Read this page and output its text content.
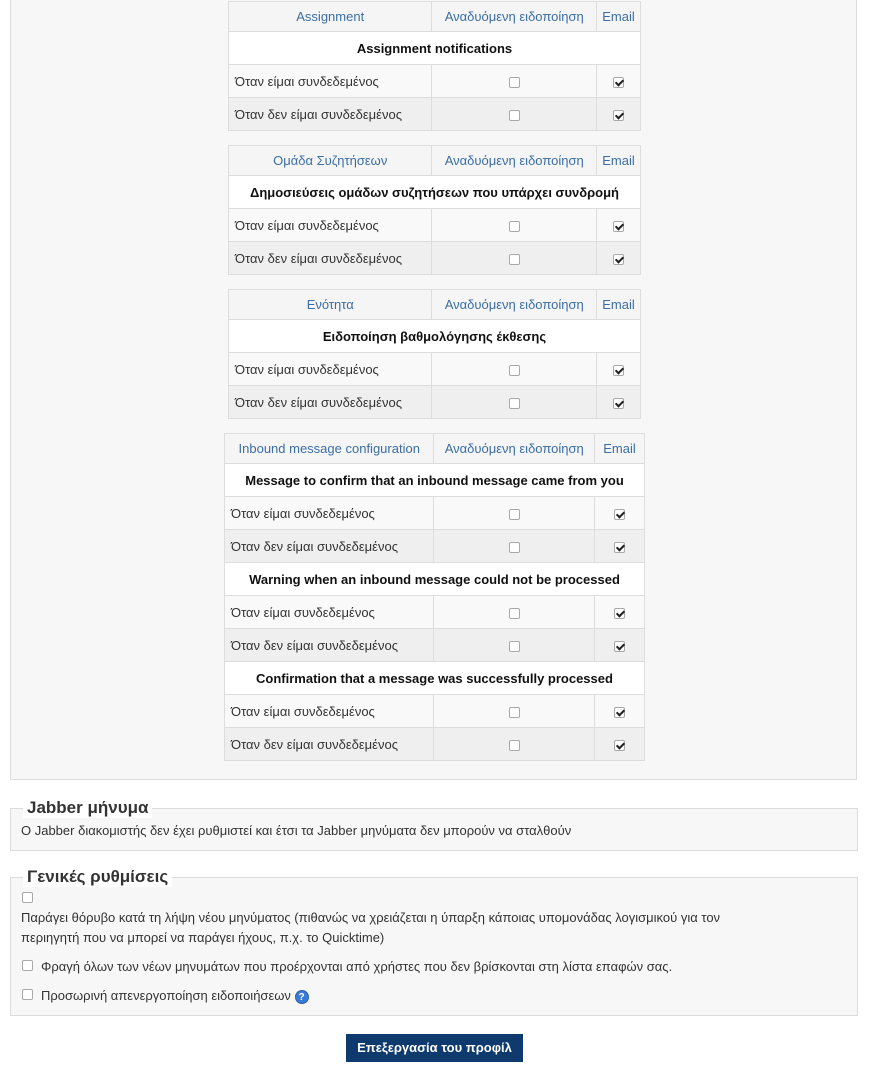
Assignment	Αναδυόμενη ειδοποίηση	Email
Assignment notifications		
Όταν είμαι συνδεδεμένος		
Όταν δεν είμαι συνδεδεμένος		
Ομάδα Συζητήσεων	Αναδυόμενη ειδοποίηση	Email
Δημοσιεύσεις ομάδων συζητήσεων που υπάρχει συνδρομή		
Όταν είμαι συνδεδεμένος		
Όταν δεν είμαι συνδεδεμένος		
Ενότητα	Αναδυόμενη ειδοποίηση	Email
Ειδοποίηση βαθμολόγησης έκθεσης		
Όταν είμαι συνδεδεμένος		
Όταν δεν είμαι συνδεδεμένος		
Inbound message configuration	Αναδυόμενη ειδοποίηση	Email
Message to confirm that an inbound message came from you		
Όταν είμαι συνδεδεμένος		
Όταν δεν είμαι συνδεδεμένος		
Warning when an inbound message could not be processed		
Όταν είμαι συνδεδεμένος		
Όταν δεν είμαι συνδεδεμένος		
Confirmation that a message was successfully processed		
Όταν είμαι συνδεδεμένος		
Όταν δεν είμαι συνδεδεμένος		
Jabber μήνυμα
Ο Jabber διακομιστής δεν έχει ρυθμιστεί και έτσι τα Jabber μηνύματα δεν μπορούν να σταλθούν
Γενικές ρυθμίσεις
Παράγει θόρυβο κατά τη λήψη νέου μηνύματος (πιθανώς να χρειάζεται η ύπαρξη κάποιας υπομονάδας λογισμικού για τον
περιηγητή που να μπορεί να παράγει ήχους, π.χ. το Quicktime)
Φραγή όλων των νέων μηνυμάτων που προέρχονται από χρήστες που δεν βρίσκονται στη λίστα επαφών σας.
Προσωρινή απενεργοποίηση ειδοποιήσεων ?
Επεξεργασία του προφίλ
